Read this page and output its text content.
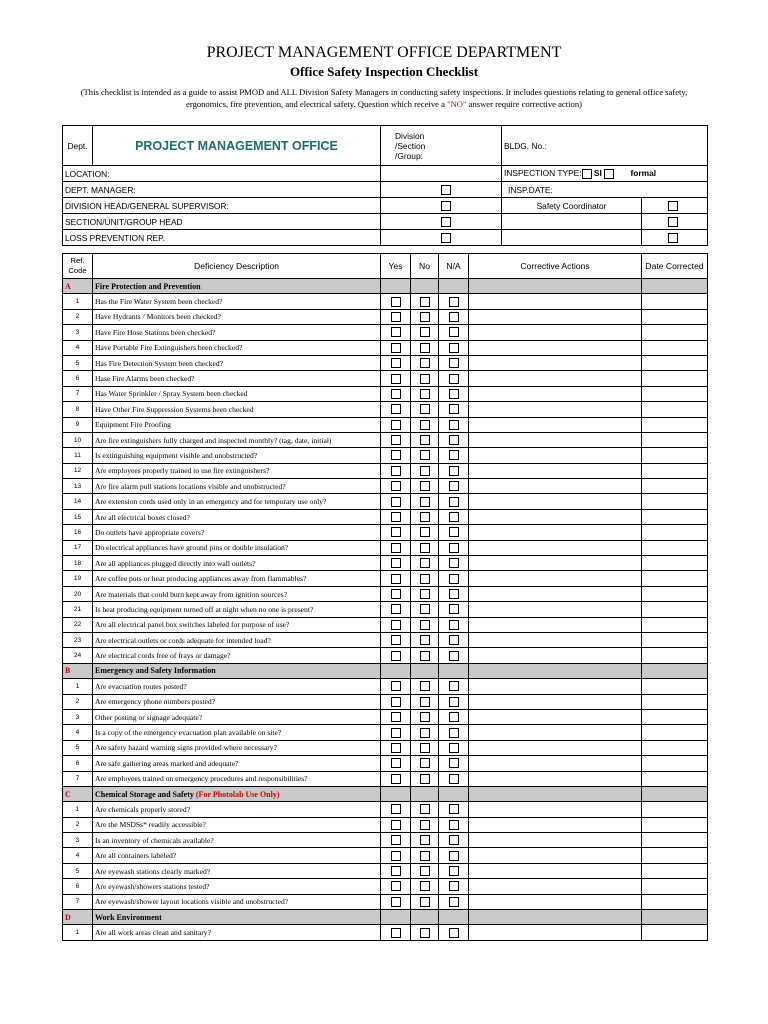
PROJECT MANAGEMENT OFFICE DEPARTMENT
Office Safety Inspection Checklist
(This checklist is intended as a guide to assist PMOD and ALL Division Safety Managers in conducting safety inspections. It includes questions relating to general office safety, ergonomics, fire prevention, and electrical safety. Question which receive a "NO" answer require corrective action)
Dept.	PROJECT MANAGEMENT OFFICE	Division
/Section
/Group:	BLDG. No.:	
LOCATION:			INSPECTION TYPE: SI formal	
DEPT. MANAGER:			INSP.DATE:	
DIVISION HEAD/GENERAL SUPERVISOR:			Safety Coordinator	
SECTION/UNIT/GROUP HEAD				
LOSS PREVENTION REP.				
Ref. Code	Deficiency Description	Yes	No	N/A	Corrective Actions	Date Corrected
A	Fire Protection and Prevention					
1	Has the Fire Water System been checked?					
2	Have Hydrants / Monitors been checked?					
3	Have Fire Hose Stations been checked?					
4	Have Portable Fire Extinguishers been checked?					
5	Has Fire Detection System been checked?					
6	Hase Fire Alarms been checked?					
7	Has Water Sprinkler / Spray System been checked					
8	Have Other Fire Suppression Systems been checked					
9	Equipment Fire Proofing					
10	Are fire extinguishers fully charged and inspected monthly? (tag, date, initial)					
11	Is extinguishing equipment visible and unobstructed?					
12	Are employees properly trained to use fire extinguishers?					
13	Are fire alarm pull stations locations visible and unobstructed?					
14	Are extension cords used only in an emergency and for temporary use only?					
15	Are all electrical boxes closed?					
16	Do outlets have appropriate covers?					
17	Do electrical appliances have ground pins or double insulation?					
18	Are all appliances plugged directly into wall outlets?					
19	Are coffee pots or heat producing appliances away from flammables?					
20	Are materials that could burn kept away from ignition sources?					
21	Is heat producing equipment turned off at night when no one is present?					
22	Are all electrical panel box switches labeled for purpose of use?					
23	Are electrical outlets or cords adequate for intended load?					
24	Are electrical cords free of frays or damage?					
B	Emergency and Safety Information					
1	Are evacuation routes posted?					
2	Are emergency phone numbers posted?					
3	Other posting or signage adequate?					
4	Is a copy of the emergency evacuation plan available on site?					
5	Are safety hazard warning signs provided where necessary?					
6	Are safe gathering areas marked and adequate?					
7	Are employees trained on emergency procedures and responsibilities?					
C	Chemical Storage and Safety (For Photolab Use Only)					
1	Are chemicals properly stored?					
2	Are the MSDSs* readily accessible?					
3	Is an inventory of chemicals available?					
4	Are all containers labeled?					
5	Are eyewash stations clearly marked?					
6	Are eyewash/showers stations tested?					
7	Are eyewash/shower layout locations visible and unobstructed?					
D	Work Environment					
1	Are all work areas clean and sanitary?					
